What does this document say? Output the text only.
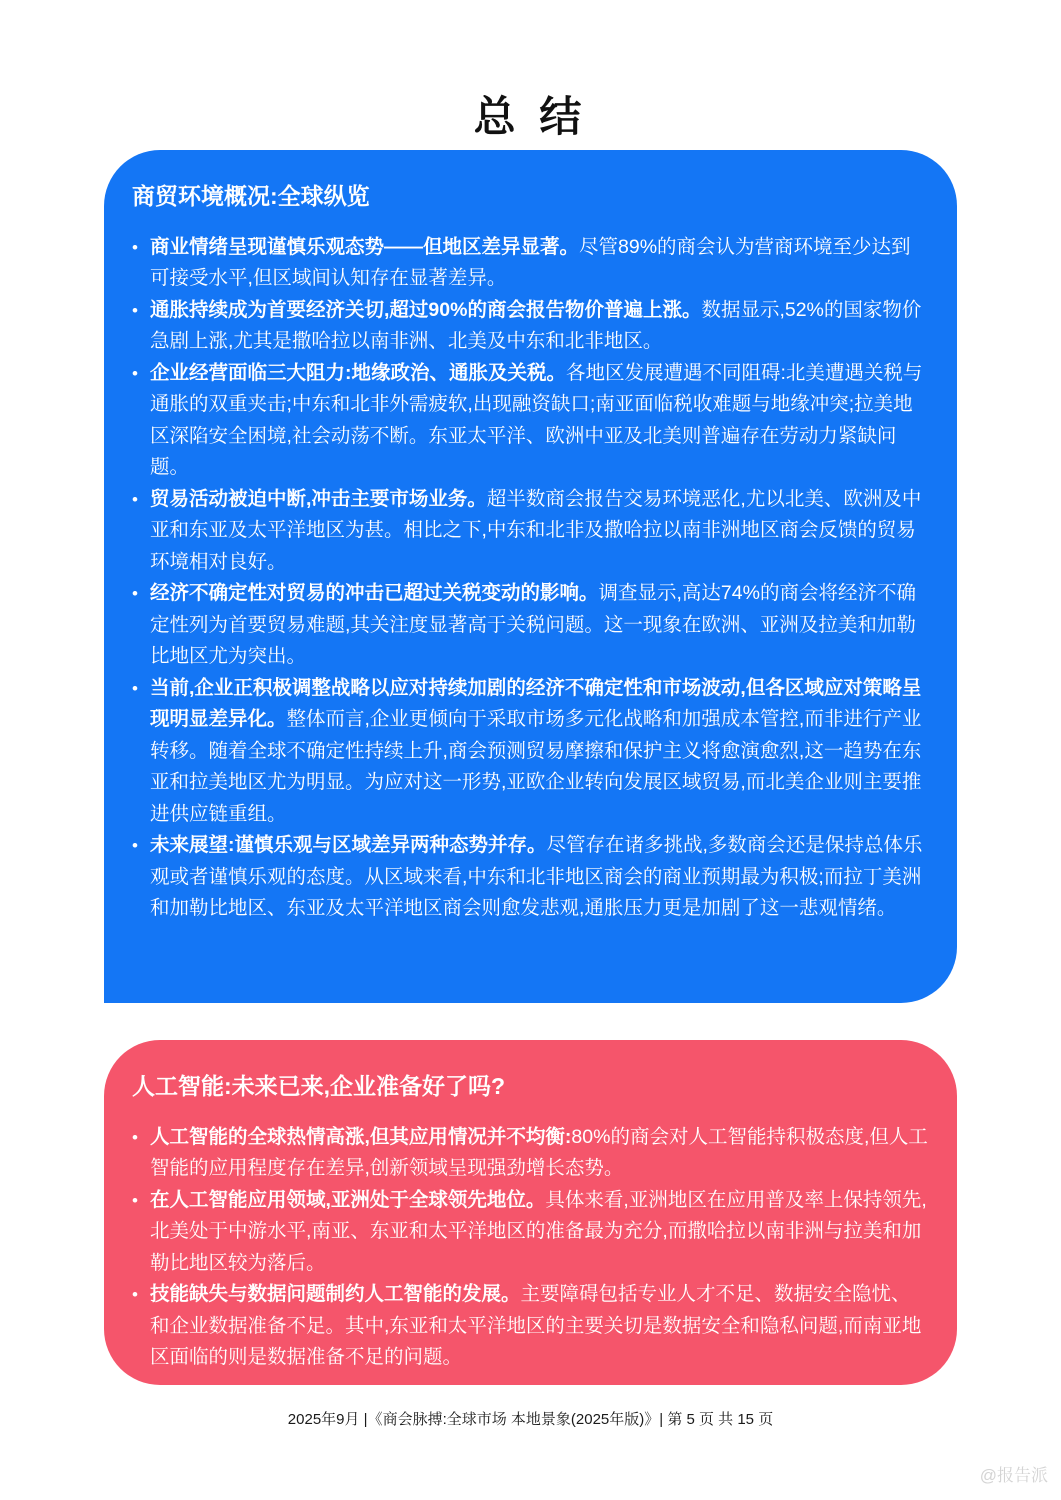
总 结
商贸环境概况:全球纵览
• 商业情绪呈现谨慎乐观态势——但地区差异显著。尽管89%的商会认为营商环境至少达到可接受水平,但区域间认知存在显著差异。

• 通胀持续成为首要经济关切,超过90%的商会报告物价普遍上涨。数据显示,52%的国家物价急剧上涨,尤其是撒哈拉以南非洲、北美及中东和北非地区。

• 企业经营面临三大阻力:地缘政治、通胀及关税。各地区发展遭遇不同阻碍:北美遭遇关税与通胀的双重夹击;中东和北非外需疲软,出现融资缺口;南亚面临税收难题与地缘冲突;拉美地区深陷安全困境,社会动荡不断。东亚太平洋、欧洲中亚及北美则普遍存在劳动力紧缺问题。

• 贸易活动被迫中断,冲击主要市场业务。超半数商会报告交易环境恶化,尤以北美、欧洲及中亚和东亚及太平洋地区为甚。相比之下,中东和北非及撒哈拉以南非洲地区商会反馈的贸易环境相对良好。

• 经济不确定性对贸易的冲击已超过关税变动的影响。调查显示,高达74%的商会将经济不确定性列为首要贸易难题,其关注度显著高于关税问题。这一现象在欧洲、亚洲及拉美和加勒比地区尤为突出。

• 当前,企业正积极调整战略以应对持续加剧的经济不确定性和市场波动,但各区域应对策略呈现明显差异化。整体而言,企业更倾向于采取市场多元化战略和加强成本管控,而非进行产业转移。随着全球不确定性持续上升,商会预测贸易摩擦和保护主义将愈演愈烈,这一趋势在东亚和拉美地区尤为明显。为应对这一形势,亚欧企业转向发展区域贸易,而北美企业则主要推进供应链重组。

• 未来展望:谨慎乐观与区域差异两种态势并存。尽管存在诸多挑战,多数商会还是保持总体乐观或者谨慎乐观的态度。从区域来看,中东和北非地区商会的商业预期最为积极;而拉丁美洲和加勒比地区、东亚及太平洋地区商会则愈发悲观,通胀压力更是加剧了这一悲观情绪。

人工智能:未来已来,企业准备好了吗?
• 人工智能的全球热情高涨,但其应用情况并不均衡:80%的商会对人工智能持积极态度,但人工智能的应用程度存在差异,创新领域呈现强劲增长态势。

• 在人工智能应用领域,亚洲处于全球领先地位。具体来看,亚洲地区在应用普及率上保持领先,北美处于中游水平,南亚、东亚和太平洋地区的准备最为充分,而撒哈拉以南非洲与拉美和加勒比地区较为落后。

• 技能缺失与数据问题制约人工智能的发展。主要障碍包括专业人才不足、数据安全隐忧、和企业数据准备不足。其中,东亚和太平洋地区的主要关切是数据安全和隐私问题,而南亚地区面临的则是数据准备不足的问题。

2025年9月 |《商会脉搏:全球市场 本地景象(2025年版)》| 第 5 页 共 15 页
@报告派
